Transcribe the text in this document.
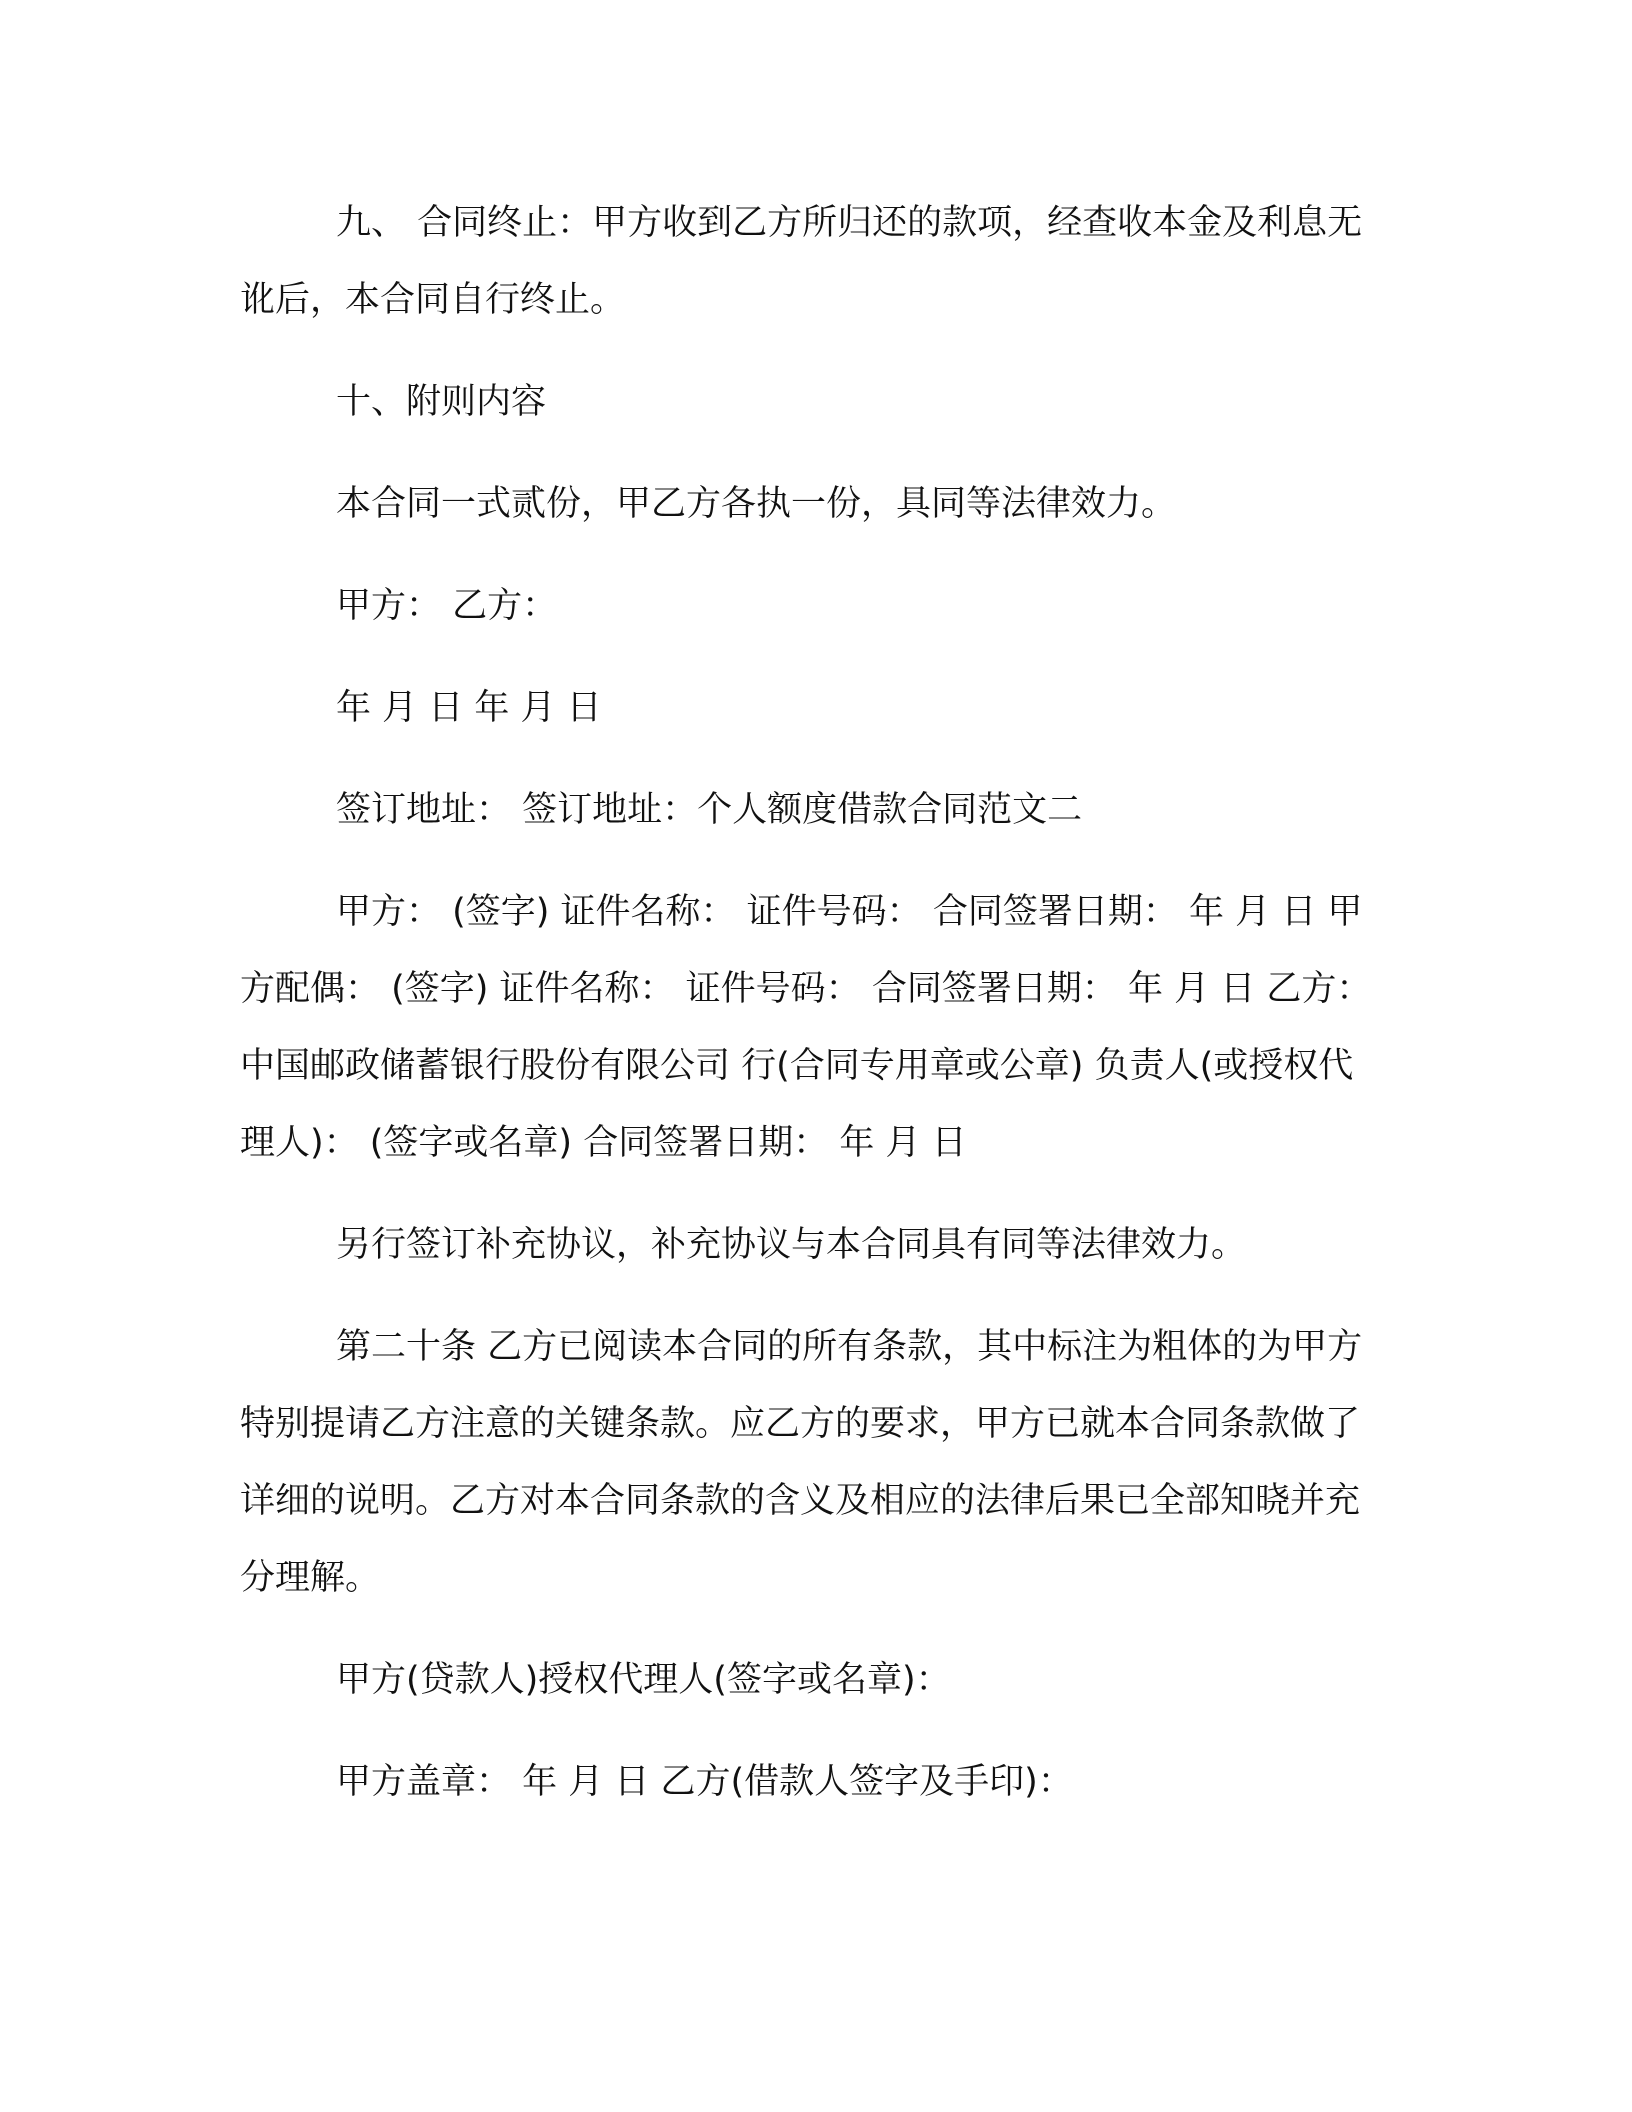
九、 合同终止：甲方收到乙方所归还的款项，经查收本金及利息无讹后，本合同自行终止。

十、附则内容

本合同一式贰份，甲乙方各执一份，具同等法律效力。

甲方： 乙方：

年 月 日 年 月 日

签订地址： 签订地址：个人额度借款合同范文二

甲方： (签字) 证件名称： 证件号码： 合同签署日期： 年 月 日 甲方配偶： (签字) 证件名称： 证件号码： 合同签署日期： 年 月 日 乙方：中国邮政储蓄银行股份有限公司 行(合同专用章或公章) 负责人(或授权代理人)： (签字或名章) 合同签署日期： 年 月 日

另行签订补充协议，补充协议与本合同具有同等法律效力。

第二十条 乙方已阅读本合同的所有条款，其中标注为粗体的为甲方特别提请乙方注意的关键条款。应乙方的要求，甲方已就本合同条款做了详细的说明。乙方对本合同条款的含义及相应的法律后果已全部知晓并充分理解。

甲方(贷款人)授权代理人(签字或名章)：

甲方盖章： 年 月 日 乙方(借款人签字及手印)：
